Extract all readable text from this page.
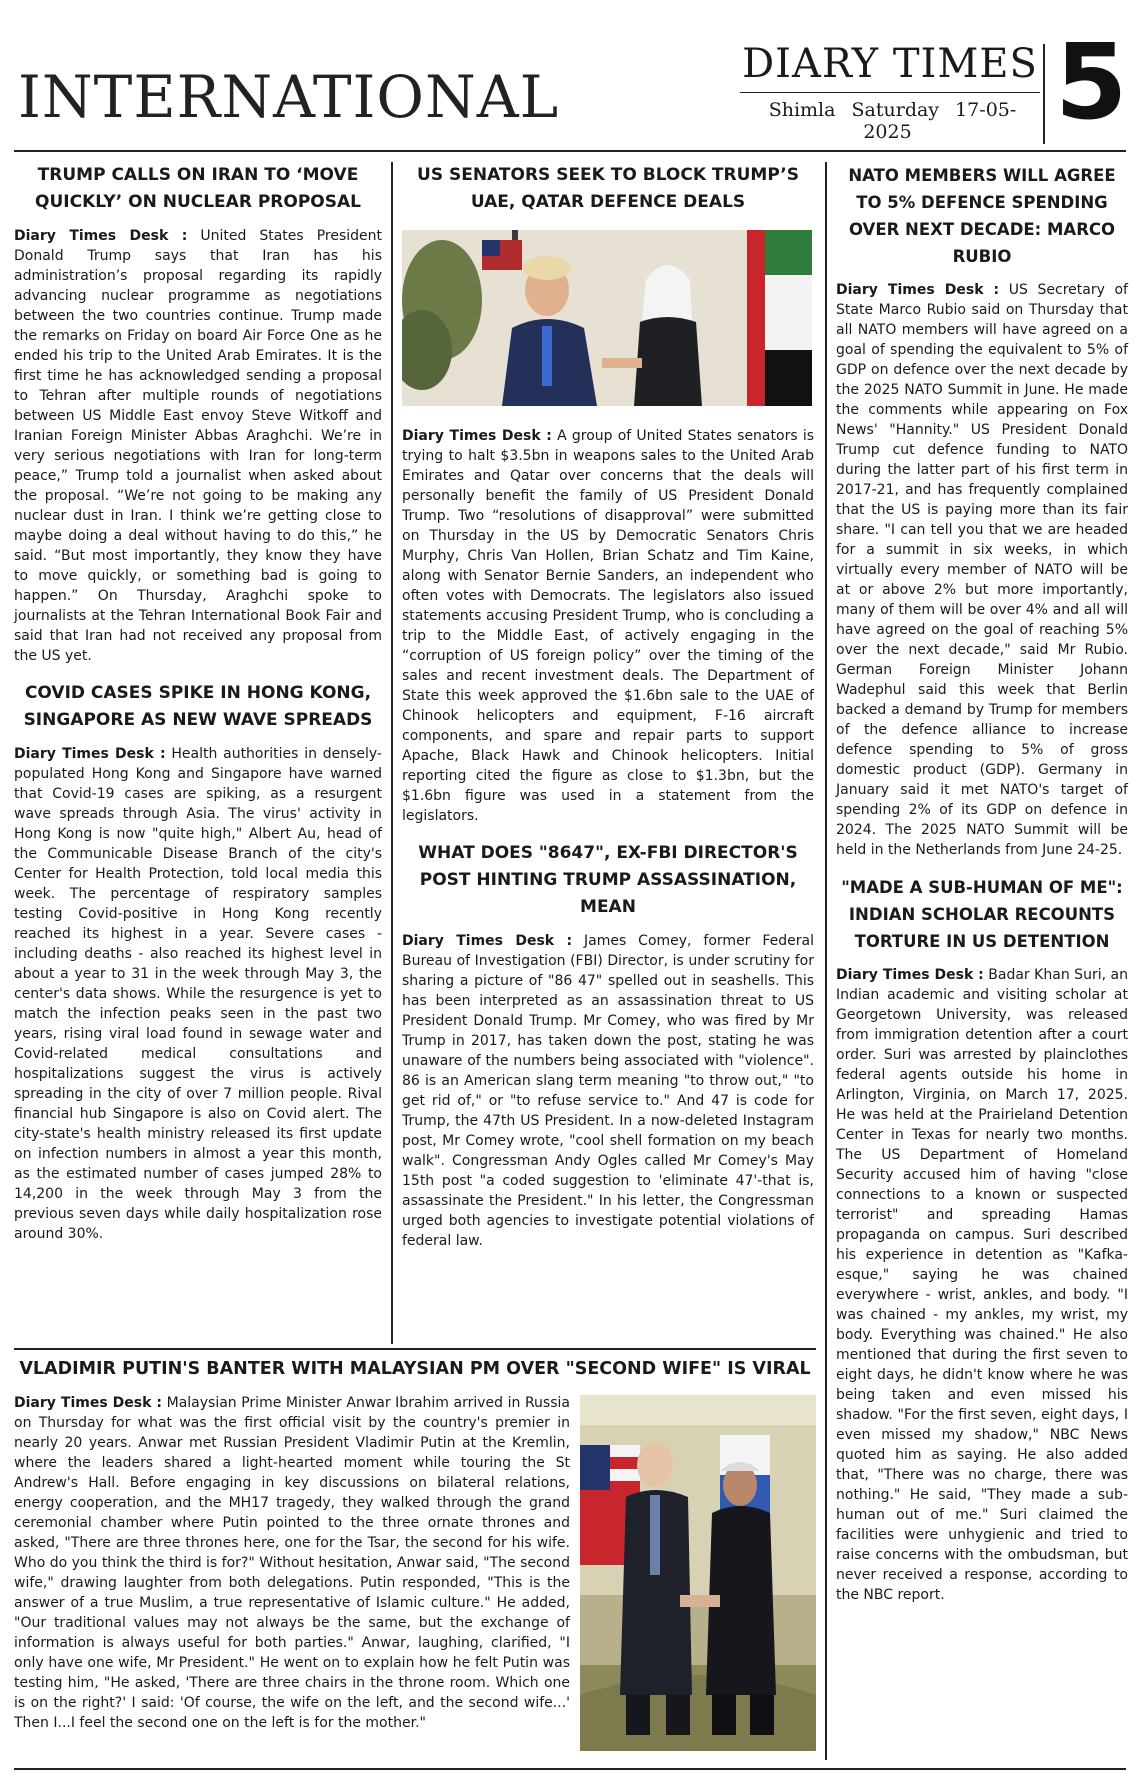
INTERNATIONAL	DIARY TIMES
Shimla Saturday 17-05-2025	5
TRUMP CALLS ON IRAN TO ‘MOVE QUICKLY’ ON NUCLEAR PROPOSAL

Diary Times Desk : United States President Donald Trump says that Iran has his administration’s proposal regarding its rapidly advancing nuclear programme as negotiations between the two countries continue. Trump made the remarks on Friday on board Air Force One as he ended his trip to the United Arab Emirates. It is the first time he has acknowledged sending a proposal to Tehran after multiple rounds of negotiations between US Middle East envoy Steve Witkoff and Iranian Foreign Minister Abbas Araghchi. We’re in very serious negotiations with Iran for long-term peace,” Trump told a journalist when asked about the proposal. “We’re not going to be making any nuclear dust in Iran. I think we’re getting close to maybe doing a deal without having to do this,” he said. “But most importantly, they know they have to move quickly, or something bad is going to happen.” On Thursday, Araghchi spoke to journalists at the Tehran International Book Fair and said that Iran had not received any proposal from the US yet.

COVID CASES SPIKE IN HONG KONG, SINGAPORE AS NEW WAVE SPREADS

Diary Times Desk : Health authorities in densely-populated Hong Kong and Singapore have warned that Covid-19 cases are spiking, as a resurgent wave spreads through Asia. The virus' activity in Hong Kong is now "quite high," Albert Au, head of the Communicable Disease Branch of the city's Center for Health Protection, told local media this week. The percentage of respiratory samples testing Covid-positive in Hong Kong recently reached its highest in a year. Severe cases - including deaths - also reached its highest level in about a year to 31 in the week through May 3, the center's data shows. While the resurgence is yet to match the infection peaks seen in the past two years, rising viral load found in sewage water and Covid-related medical consultations and hospitalizations suggest the virus is actively spreading in the city of over 7 million people. Rival financial hub Singapore is also on Covid alert. The city-state's health ministry released its first update on infection numbers in almost a year this month, as the estimated number of cases jumped 28% to 14,200 in the week through May 3 from the previous seven days while daily hospitalization rose around 30%.

US SENATORS SEEK TO BLOCK TRUMP’S UAE, QATAR DEFENCE DEALS

Diary Times Desk : A group of United States senators is trying to halt $3.5bn in weapons sales to the United Arab Emirates and Qatar over concerns that the deals will personally benefit the family of US President Donald Trump. Two “resolutions of disapproval” were submitted on Thursday in the US by Democratic Senators Chris Murphy, Chris Van Hollen, Brian Schatz and Tim Kaine, along with Senator Bernie Sanders, an independent who often votes with Democrats. The legislators also issued statements accusing President Trump, who is concluding a trip to the Middle East, of actively engaging in the “corruption of US foreign policy” over the timing of the sales and recent investment deals. The Department of State this week approved the $1.6bn sale to the UAE of Chinook helicopters and equipment, F-16 aircraft components, and spare and repair parts to support Apache, Black Hawk and Chinook helicopters. Initial reporting cited the figure as close to $1.3bn, but the $1.6bn figure was used in a statement from the legislators.

WHAT DOES "8647", EX-FBI DIRECTOR'S POST HINTING TRUMP ASSASSINATION, MEAN

Diary Times Desk : James Comey, former Federal Bureau of Investigation (FBI) Director, is under scrutiny for sharing a picture of "86 47" spelled out in seashells. This has been interpreted as an assassination threat to US President Donald Trump. Mr Comey, who was fired by Mr Trump in 2017, has taken down the post, stating he was unaware of the numbers being associated with "violence". 86 is an American slang term meaning "to throw out," "to get rid of," or "to refuse service to." And 47 is code for Trump, the 47th US President. In a now-deleted Instagram post, Mr Comey wrote, "cool shell formation on my beach walk". Congressman Andy Ogles called Mr Comey's May 15th post "a coded suggestion to 'eliminate 47'-that is, assassinate the President." In his letter, the Congressman urged both agencies to investigate potential violations of federal law.

NATO MEMBERS WILL AGREE TO 5% DEFENCE SPENDING OVER NEXT DECADE: MARCO RUBIO

Diary Times Desk : US Secretary of State Marco Rubio said on Thursday that all NATO members will have agreed on a goal of spending the equivalent to 5% of GDP on defence over the next decade by the 2025 NATO Summit in June. He made the comments while appearing on Fox News' "Hannity." US President Donald Trump cut defence funding to NATO during the latter part of his first term in 2017-21, and has frequently complained that the US is paying more than its fair share. "I can tell you that we are headed for a summit in six weeks, in which virtually every member of NATO will be at or above 2% but more importantly, many of them will be over 4% and all will have agreed on the goal of reaching 5% over the next decade," said Mr Rubio. German Foreign Minister Johann Wadephul said this week that Berlin backed a demand by Trump for members of the defence alliance to increase defence spending to 5% of gross domestic product (GDP). Germany in January said it met NATO's target of spending 2% of its GDP on defence in 2024. The 2025 NATO Summit will be held in the Netherlands from June 24-25.

"MADE A SUB-HUMAN OF ME": INDIAN SCHOLAR RECOUNTS TORTURE IN US DETENTION

Diary Times Desk : Badar Khan Suri, an Indian academic and visiting scholar at Georgetown University, was released from immigration detention after a court order. Suri was arrested by plainclothes federal agents outside his home in Arlington, Virginia, on March 17, 2025. He was held at the Prairieland Detention Center in Texas for nearly two months. The US Department of Homeland Security accused him of having "close connections to a known or suspected terrorist" and spreading Hamas propaganda on campus. Suri described his experience in detention as "Kafka-esque," saying he was chained everywhere - wrist, ankles, and body. "I was chained - my ankles, my wrist, my body. Everything was chained." He also mentioned that during the first seven to eight days, he didn't know where he was being taken and even missed his shadow. "For the first seven, eight days, I even missed my shadow," NBC News quoted him as saying. He also added that, "There was no charge, there was nothing." He said, "They made a sub-human out of me." Suri claimed the facilities were unhygienic and tried to raise concerns with the ombudsman, but never received a response, according to the NBC report.

VLADIMIR PUTIN'S BANTER WITH MALAYSIAN PM OVER "SECOND WIFE" IS VIRAL

Diary Times Desk : Malaysian Prime Minister Anwar Ibrahim arrived in Russia on Thursday for what was the first official visit by the country's premier in nearly 20 years. Anwar met Russian President Vladimir Putin at the Kremlin, where the leaders shared a light-hearted moment while touring the St Andrew's Hall. Before engaging in key discussions on bilateral relations, energy cooperation, and the MH17 tragedy, they walked through the grand ceremonial chamber where Putin pointed to the three ornate thrones and asked, "There are three thrones here, one for the Tsar, the second for his wife. Who do you think the third is for?" Without hesitation, Anwar said, "The second wife," drawing laughter from both delegations. Putin responded, "This is the answer of a true Muslim, a true representative of Islamic culture." He added, "Our traditional values may not always be the same, but the exchange of information is always useful for both parties." Anwar, laughing, clarified, "I only have one wife, Mr President." He went on to explain how he felt Putin was testing him, "He asked, 'There are three chairs in the throne room. Which one is on the right?' I said: 'Of course, the wife on the left, and the second wife...' Then I...I feel the second one on the left is for the mother."
